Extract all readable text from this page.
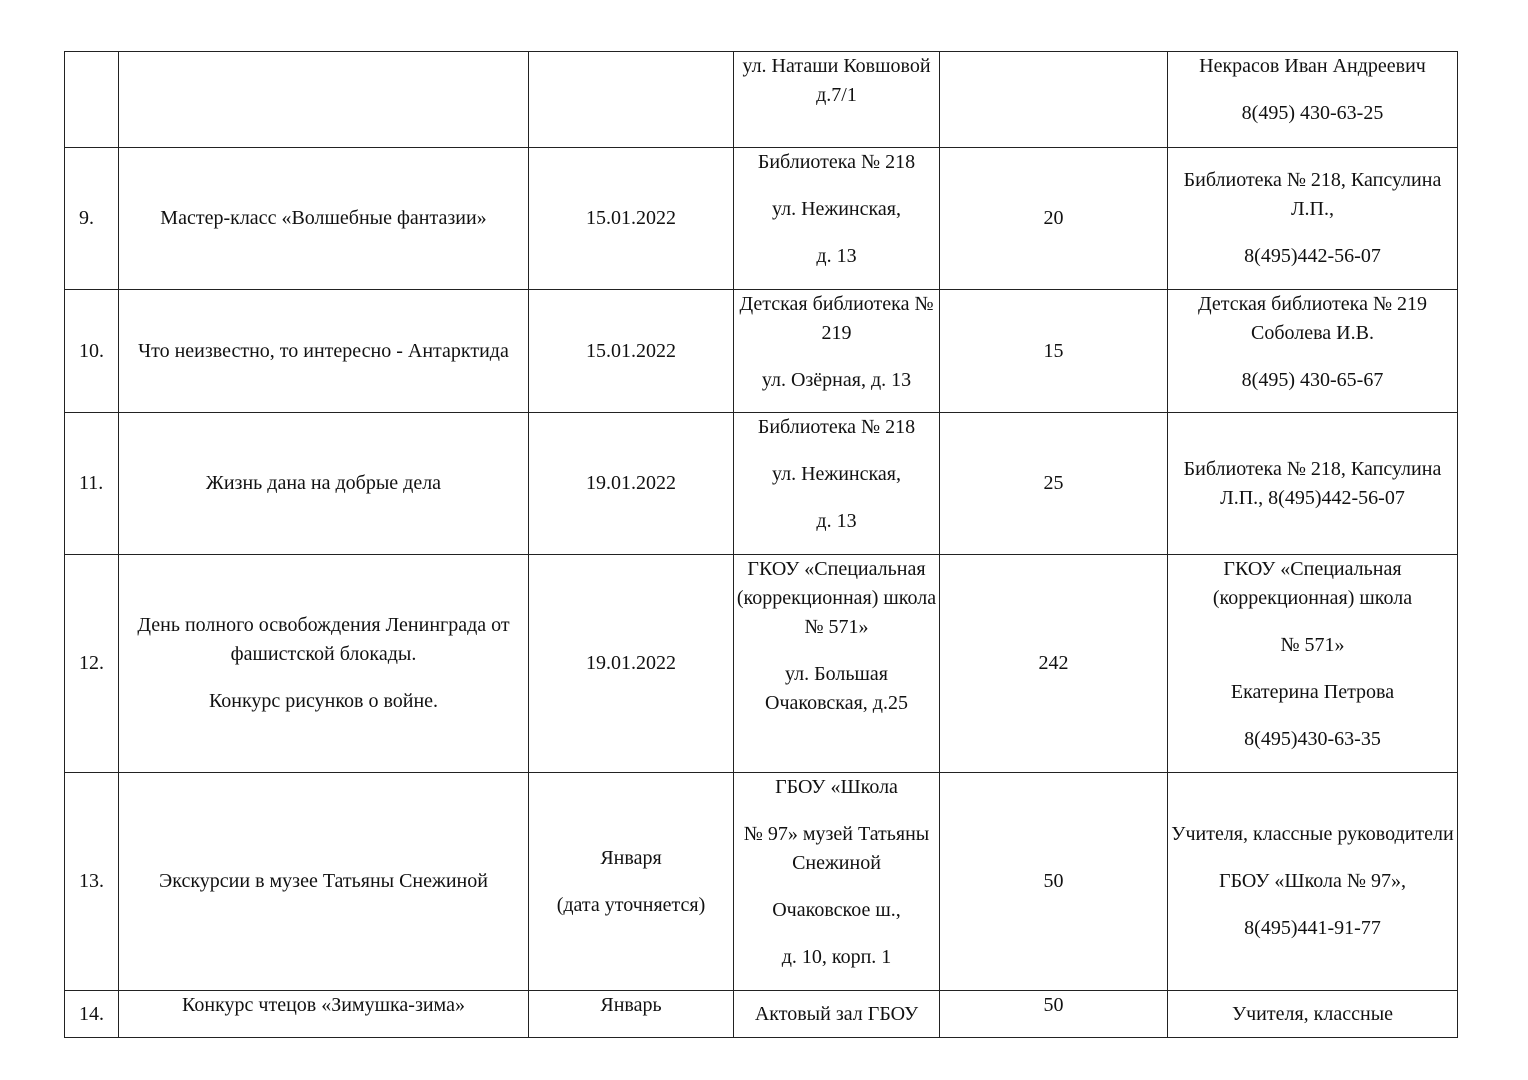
			ул. Наташи Ковшовой д.7/1		Некрасов Иван Андреевич
8(495) 430-63-25

9.	Мастер-класс «Волшебные фантазии»	15.01.2022	Библиотека № 218
ул. Нежинская,
д. 13	20	Библиотека № 218, Капсулина Л.П.,
8(495)442-56-07

10.	Что неизвестно, то интересно - Антарктида	15.01.2022	Детская библиотека № 219
ул. Озёрная, д. 13	15	Детская библиотека № 219 Соболева И.В.
8(495) 430-65-67

11.	Жизнь дана на добрые дела	19.01.2022	Библиотека № 218
ул. Нежинская,
д. 13	25	Библиотека № 218, Капсулина Л.П., 8(495)442-56-07

12.	День полного освобождения Ленинграда от фашистской блокады.
Конкурс рисунков о войне.	19.01.2022	ГКОУ «Специальная (коррекционная) школа № 571»
ул. Большая Очаковская, д.25	242	ГКОУ «Специальная (коррекционная) школа
№ 571»
Екатерина Петрова
8(495)430-63-35

13.	Экскурсии в музее Татьяны Снежиной	Января
(дата уточняется)	ГБОУ «Школа
№ 97» музей Татьяны Снежиной
Очаковское ш.,
д. 10, корп. 1	50	Учителя, классные руководители
ГБОУ «Школа № 97»,
8(495)441-91-77

14.	Конкурс чтецов «Зимушка-зима»	Январь	Актовый зал ГБОУ	50	Учителя, классные
